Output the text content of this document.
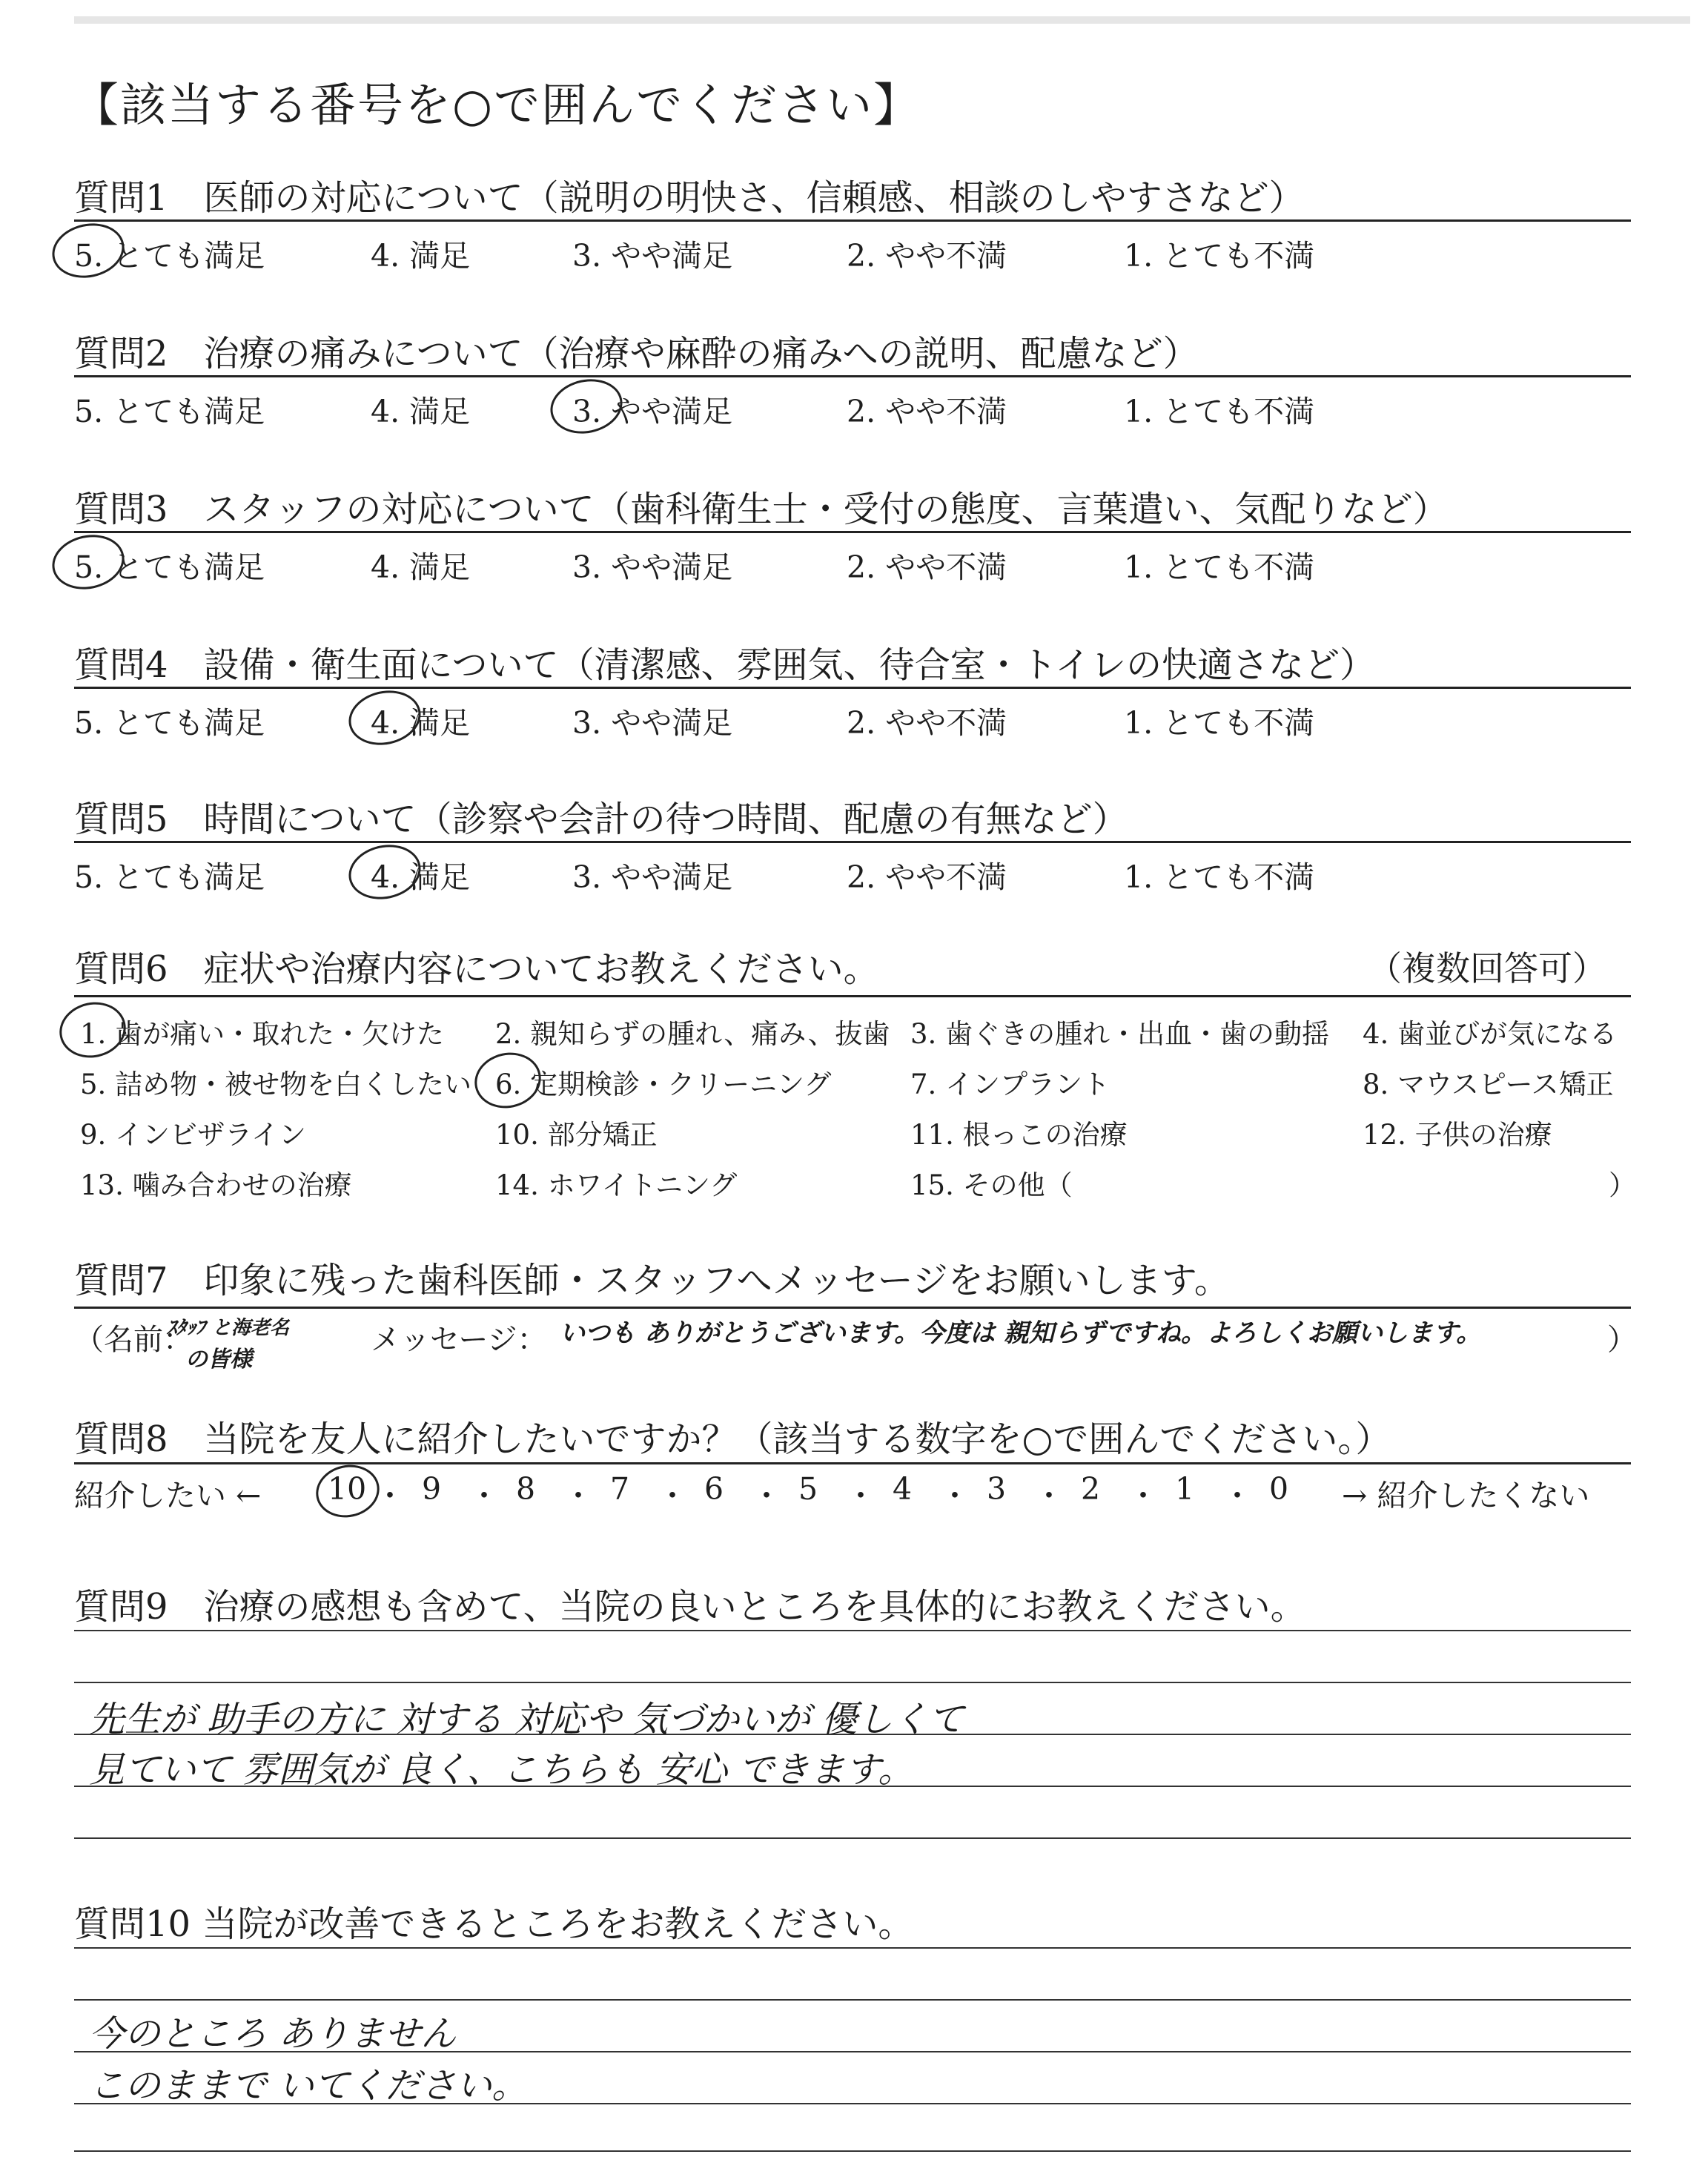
【該当する番号を○で囲んでください】
質問1　医師の対応について（説明の明快さ、信頼感、相談のしやすさなど）
5. とても満足	4. 満足	3. やや満足	2. やや不満	1. とても不満
質問2　治療の痛みについて（治療や麻酔の痛みへの説明、配慮など）
5. とても満足	4. 満足	3. やや満足	2. やや不満	1. とても不満
質問3　スタッフの対応について（歯科衛生士・受付の態度、言葉遣い、気配りなど）
5. とても満足	4. 満足	3. やや満足	2. やや不満	1. とても不満
質問4　設備・衛生面について（清潔感、雰囲気、待合室・トイレの快適さなど）
5. とても満足	4. 満足	3. やや満足	2. やや不満	1. とても不満
質問5　時間について（診察や会計の待つ時間、配慮の有無など）
5. とても満足	4. 満足	3. やや満足	2. やや不満	1. とても不満
質問6　症状や治療内容についてお教えください。	（複数回答可）
1. 歯が痛い・取れた・欠けた 2. 親知らずの腫れ、痛み、抜歯 3. 歯ぐきの腫れ・出血・歯の動揺 4. 歯並びが気になる
5. 詰め物・被せ物を白くしたい 6. 定期検診・クリーニング	7. インプラント	8. マウスピース矯正
9. インビザライン	10. 部分矯正	11. 根っこの治療	12. 子供の治療
13. 噛み合わせの治療	14. ホワイトニング	15. その他（	）
質問7　印象に残った歯科医師・スタッフへメッセージをお願いします。
（名前：
ｽﾀｯﾌ と海老名
の皆様
メッセージ： いつも ありがとうございます。今度は 親知らずですね。よろしくお願いします。	）
質問8　当院を友人に紹介したいですか？（該当する数字を○で囲んでください。）
紹介したい ← 10 ・ 9 ・ 8 ・ 7 ・ 6 ・ 5 ・ 4 ・ 3 ・ 2 ・ 1 ・ 0 → 紹介したくない
質問9　治療の感想も含めて、当院の良いところを具体的にお教えください。
先生が 助手の方に 対する 対応や 気づかいが 優しくて
見ていて 雰囲気が 良く、こちらも 安心 できます。
質問10 当院が改善できるところをお教えください。
今のところ ありません
このままで いてください。
